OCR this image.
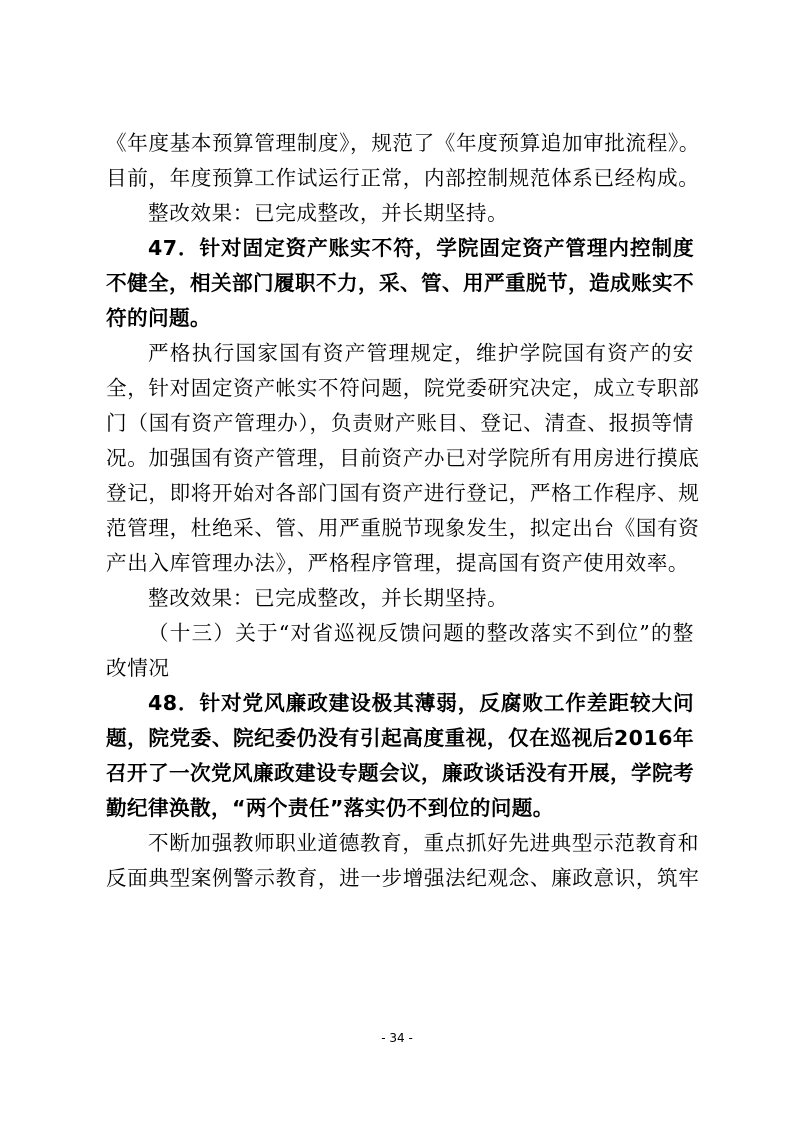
《年度基本预算管理制度》，规范了《年度预算追加审批流程》。
目前，年度预算工作试运行正常，内部控制规范体系已经构成。
整改效果：已完成整改，并长期坚持。
47．针对固定资产账实不符，学院固定资产管理内控制度
不健全，相关部门履职不力，采、管、用严重脱节，造成账实不
符的问题。
严格执行国家国有资产管理规定，维护学院国有资产的安
全，针对固定资产帐实不符问题，院党委研究决定，成立专职部
门（国有资产管理办），负责财产账目、登记、清查、报损等情
况。加强国有资产管理，目前资产办已对学院所有用房进行摸底
登记，即将开始对各部门国有资产进行登记，严格工作程序、规
范管理，杜绝采、管、用严重脱节现象发生，拟定出台《国有资
产出入库管理办法》，严格程序管理，提高国有资产使用效率。
整改效果：已完成整改，并长期坚持。
（十三）关于“对省巡视反馈问题的整改落实不到位”的整
改情况
48．针对党风廉政建设极其薄弱，反腐败工作差距较大问
题，院党委、院纪委仍没有引起高度重视，仅在巡视后2016年
召开了一次党风廉政建设专题会议，廉政谈话没有开展，学院考
勤纪律涣散，“两个责任”落实仍不到位的问题。
不断加强教师职业道德教育，重点抓好先进典型示范教育和
反面典型案例警示教育，进一步增强法纪观念、廉政意识，筑牢
- 34 -
